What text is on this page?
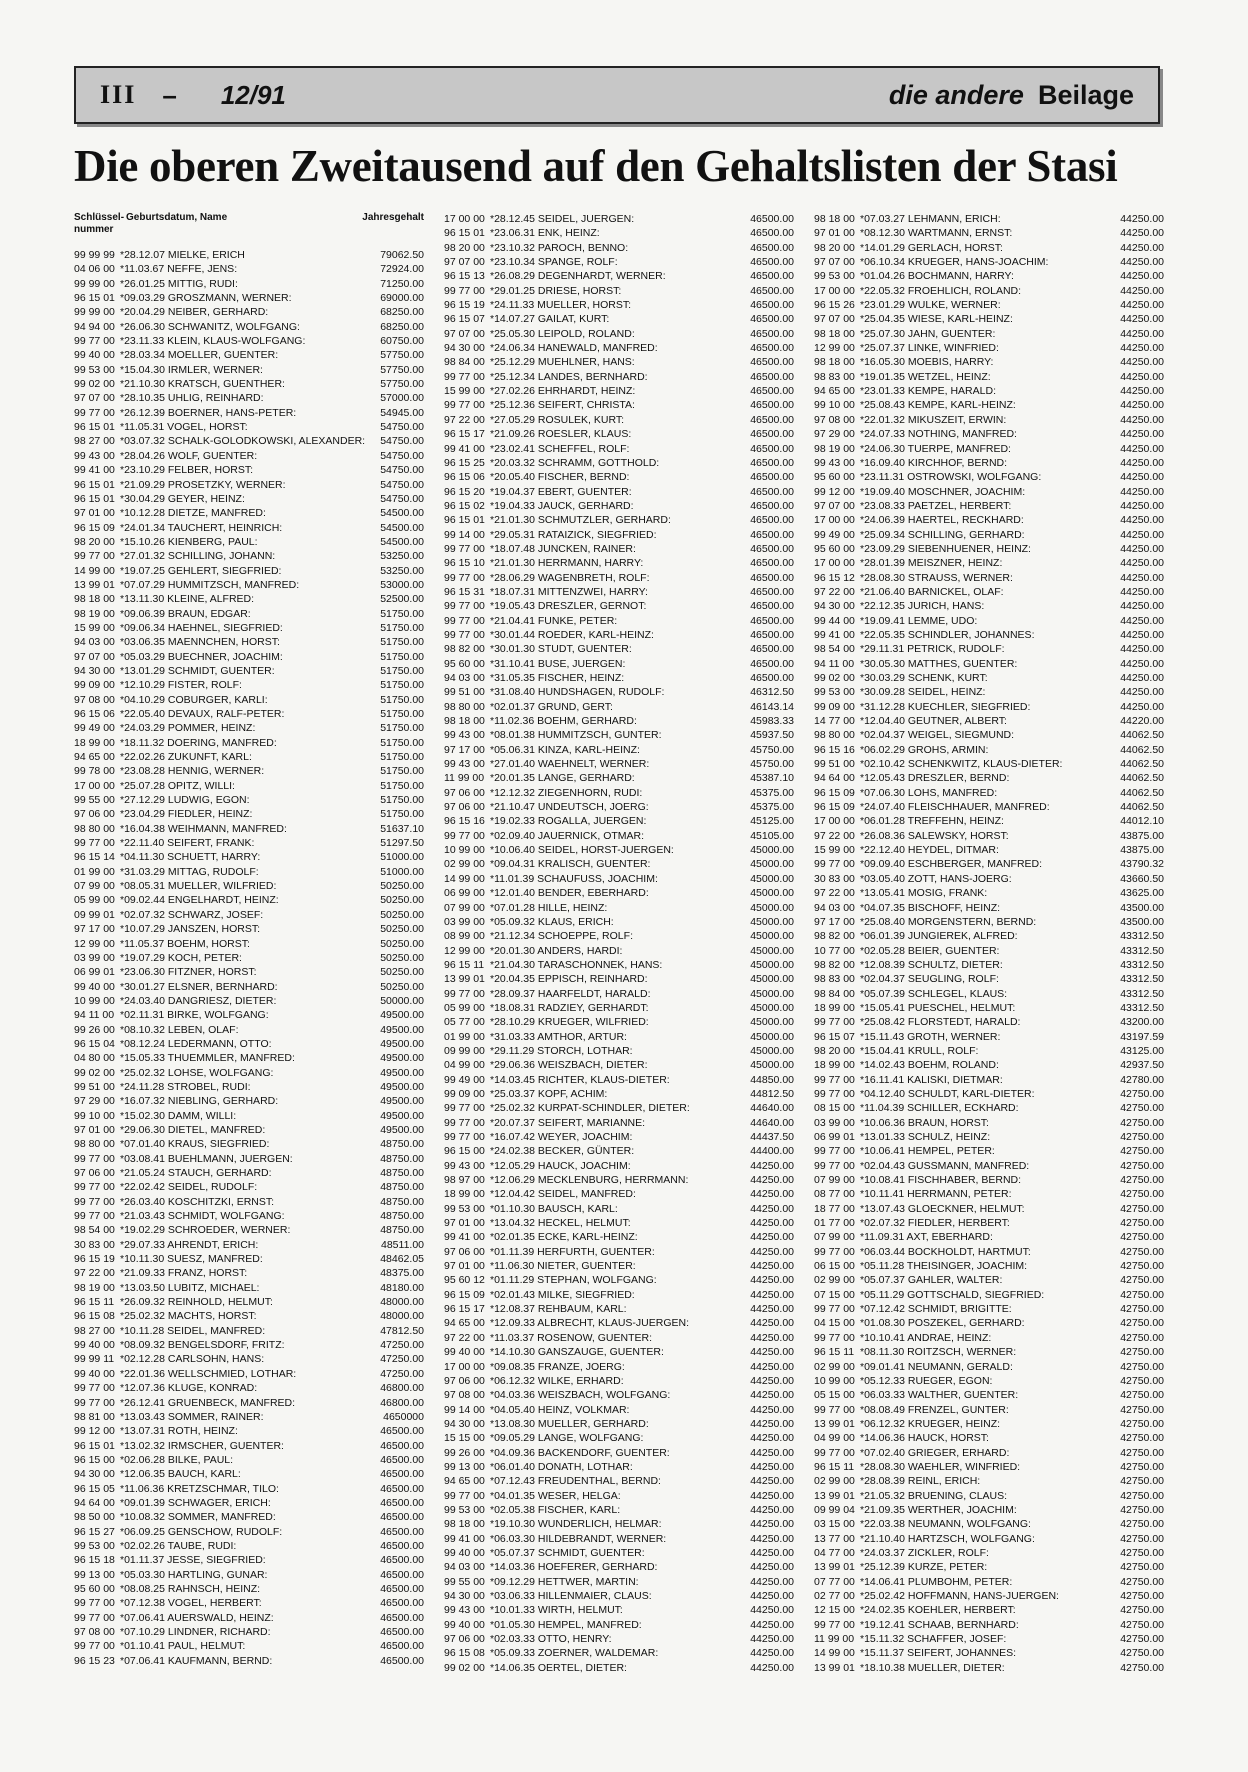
III – 12/91	die andere Beilage
Die oberen Zweitausend auf den Gehaltslisten der Stasi
Schlüssel-
nummer
Geburtsdatum, Name	Jahresgehalt
99 99 99 *28.12.07 MIELKE, ERICH	79062.50
04 06 00 *11.03.67 NEFFE, JENS:	72924.00
99 99 00 *26.01.25 MITTIG, RUDI:	71250.00
96 15 01 *09.03.29 GROSZMANN, WERNER:	69000.00
99 99 00 *20.04.29 NEIBER, GERHARD:	68250.00
94 94 00 *26.06.30 SCHWANITZ, WOLFGANG:	68250.00
99 77 00 *23.11.33 KLEIN, KLAUS-WOLFGANG:	60750.00
99 40 00 *28.03.34 MOELLER, GUENTER:	57750.00
99 53 00 *15.04.30 IRMLER, WERNER:	57750.00
99 02 00 *21.10.30 KRATSCH, GUENTHER:	57750.00
97 07 00 *28.10.35 UHLIG, REINHARD:	57000.00
99 77 00 *26.12.39 BOERNER, HANS-PETER:	54945.00
96 15 01 *11.05.31 VOGEL, HORST:	54750.00
98 27 00 *03.07.32 SCHALK-GOLODKOWSKI, ALEXANDER:	54750.00
99 43 00 *28.04.26 WOLF, GUENTER:	54750.00
99 41 00 *23.10.29 FELBER, HORST:	54750.00
96 15 01 *21.09.29 PROSETZKY, WERNER:	54750.00
96 15 01 *30.04.29 GEYER, HEINZ:	54750.00
97 01 00 *10.12.28 DIETZE, MANFRED:	54500.00
96 15 09 *24.01.34 TAUCHERT, HEINRICH:	54500.00
98 20 00 *15.10.26 KIENBERG, PAUL:	54500.00
99 77 00 *27.01.32 SCHILLING, JOHANN:	53250.00
14 99 00 *19.07.25 GEHLERT, SIEGFRIED:	53250.00
13 99 01 *07.07.29 HUMMITZSCH, MANFRED:	53000.00
98 18 00 *13.11.30 KLEINE, ALFRED:	52500.00
98 19 00 *09.06.39 BRAUN, EDGAR:	51750.00
15 99 00 *09.06.34 HAEHNEL, SIEGFRIED:	51750.00
94 03 00 *03.06.35 MAENNCHEN, HORST:	51750.00
97 07 00 *05.03.29 BUECHNER, JOACHIM:	51750.00
94 30 00 *13.01.29 SCHMIDT, GUENTER:	51750.00
99 09 00 *12.10.29 FISTER, ROLF:	51750.00
97 08 00 *04.10.29 COBURGER, KARLI:	51750.00
96 15 06 *22.05.40 DEVAUX, RALF-PETER:	51750.00
99 49 00 *24.03.29 POMMER, HEINZ:	51750.00
18 99 00 *18.11.32 DOERING, MANFRED:	51750.00
94 65 00 *22.02.26 ZUKUNFT, KARL:	51750.00
99 78 00 *23.08.28 HENNIG, WERNER:	51750.00
17 00 00 *25.07.28 OPITZ, WILLI:	51750.00
99 55 00 *27.12.29 LUDWIG, EGON:	51750.00
97 06 00 *23.04.29 FIEDLER, HEINZ:	51750.00
98 80 00 *16.04.38 WEIHMANN, MANFRED:	51637.10
99 77 00 *22.11.40 SEIFERT, FRANK:	51297.50
96 15 14 *04.11.30 SCHUETT, HARRY:	51000.00
01 99 00 *31.03.29 MITTAG, RUDOLF:	51000.00
07 99 00 *08.05.31 MUELLER, WILFRIED:	50250.00
05 99 00 *09.02.44 ENGELHARDT, HEINZ:	50250.00
09 99 01 *02.07.32 SCHWARZ, JOSEF:	50250.00
97 17 00 *10.07.29 JANSZEN, HORST:	50250.00
12 99 00 *11.05.37 BOEHM, HORST:	50250.00
03 99 00 *19.07.29 KOCH, PETER:	50250.00
06 99 01 *23.06.30 FITZNER, HORST:	50250.00
99 40 00 *30.01.27 ELSNER, BERNHARD:	50250.00
10 99 00 *24.03.40 DANGRIESZ, DIETER:	50000.00
94 11 00 *02.11.31 BIRKE, WOLFGANG:	49500.00
99 26 00 *08.10.32 LEBEN, OLAF:	49500.00
96 15 04 *08.12.24 LEDERMANN, OTTO:	49500.00
04 80 00 *15.05.33 THUEMMLER, MANFRED:	49500.00
99 02 00 *25.02.32 LOHSE, WOLFGANG:	49500.00
99 51 00 *24.11.28 STROBEL, RUDI:	49500.00
97 29 00 *16.07.32 NIEBLING, GERHARD:	49500.00
99 10 00 *15.02.30 DAMM, WILLI:	49500.00
97 01 00 *29.06.30 DIETEL, MANFRED:	49500.00
98 80 00 *07.01.40 KRAUS, SIEGFRIED:	48750.00
99 77 00 *03.08.41 BUEHLMANN, JUERGEN:	48750.00
97 06 00 *21.05.24 STAUCH, GERHARD:	48750.00
99 77 00 *22.02.42 SEIDEL, RUDOLF:	48750.00
99 77 00 *26.03.40 KOSCHITZKI, ERNST:	48750.00
99 77 00 *21.03.43 SCHMIDT, WOLFGANG:	48750.00
98 54 00 *19.02.29 SCHROEDER, WERNER:	48750.00
30 83 00 *29.07.33 AHRENDT, ERICH:	48511.00
96 15 19 *10.11.30 SUESZ, MANFRED:	48462.05
97 22 00 *21.09.33 FRANZ, HORST:	48375.00
98 19 00 *13.03.50 LUBITZ, MICHAEL:	48180.00
96 15 11 *26.09.32 REINHOLD, HELMUT:	48000.00
96 15 08 *25.02.32 MACHTS, HORST:	48000.00
98 27 00 *10.11.28 SEIDEL, MANFRED:	47812.50
99 40 00 *08.09.32 BENGELSDORF, FRITZ:	47250.00
99 99 11 *02.12.28 CARLSOHN, HANS:	47250.00
99 40 00 *22.01.36 WELLSCHMIED, LOTHAR:	47250.00
99 77 00 *12.07.36 KLUGE, KONRAD:	46800.00
99 77 00 *26.12.41 GRUENBECK, MANFRED:	46800.00
98 81 00 *13.03.43 SOMMER, RAINER:	4650000
99 12 00 *13.07.31 ROTH, HEINZ:	46500.00
96 15 01 *13.02.32 IRMSCHER, GUENTER:	46500.00
96 15 00 *02.06.28 BILKE, PAUL:	46500.00
94 30 00 *12.06.35 BAUCH, KARL:	46500.00
96 15 05 *11.06.36 KRETZSCHMAR, TILO:	46500.00
94 64 00 *09.01.39 SCHWAGER, ERICH:	46500.00
98 50 00 *10.08.32 SOMMER, MANFRED:	46500.00
96 15 27 *06.09.25 GENSCHOW, RUDOLF:	46500.00
99 53 00 *02.02.26 TAUBE, RUDI:	46500.00
96 15 18 *01.11.37 JESSE, SIEGFRIED:	46500.00
99 13 00 *05.03.30 HARTLING, GUNAR:	46500.00
95 60 00 *08.08.25 RAHNSCH, HEINZ:	46500.00
99 77 00 *07.12.38 VOGEL, HERBERT:	46500.00
99 77 00 *07.06.41 AUERSWALD, HEINZ:	46500.00
97 08 00 *07.10.29 LINDNER, RICHARD:	46500.00
99 77 00 *01.10.41 PAUL, HELMUT:	46500.00
96 15 23 *07.06.41 KAUFMANN, BERND:	46500.00
17 00 00 *28.12.45 SEIDEL, JUERGEN:	46500.00
96 15 01 *23.06.31 ENK, HEINZ:	46500.00
98 20 00 *23.10.32 PAROCH, BENNO:	46500.00
97 07 00 *23.10.34 SPANGE, ROLF:	46500.00
96 15 13 *26.08.29 DEGENHARDT, WERNER:	46500.00
99 77 00 *29.01.25 DRIESE, HORST:	46500.00
96 15 19 *24.11.33 MUELLER, HORST:	46500.00
96 15 07 *14.07.27 GAILAT, KURT:	46500.00
97 07 00 *25.05.30 LEIPOLD, ROLAND:	46500.00
94 30 00 *24.06.34 HANEWALD, MANFRED:	46500.00
98 84 00 *25.12.29 MUEHLNER, HANS:	46500.00
99 77 00 *25.12.34 LANDES, BERNHARD:	46500.00
15 99 00 *27.02.26 EHRHARDT, HEINZ:	46500.00
99 77 00 *25.12.36 SEIFERT, CHRISTA:	46500.00
97 22 00 *27.05.29 ROSULEK, KURT:	46500.00
96 15 17 *21.09.26 ROESLER, KLAUS:	46500.00
99 41 00 *23.02.41 SCHEFFEL, ROLF:	46500.00
96 15 25 *20.03.32 SCHRAMM, GOTTHOLD:	46500.00
96 15 06 *20.05.40 FISCHER, BERND:	46500.00
96 15 20 *19.04.37 EBERT, GUENTER:	46500.00
96 15 02 *19.04.33 JAUCK, GERHARD:	46500.00
96 15 01 *21.01.30 SCHMUTZLER, GERHARD:	46500.00
99 14 00 *29.05.31 RATAIZICK, SIEGFRIED:	46500.00
99 77 00 *18.07.48 JUNCKEN, RAINER:	46500.00
96 15 10 *21.01.30 HERRMANN, HARRY:	46500.00
99 77 00 *28.06.29 WAGENBRETH, ROLF:	46500.00
96 15 31 *18.07.31 MITTENZWEI, HARRY:	46500.00
99 77 00 *19.05.43 DRESZLER, GERNOT:	46500.00
99 77 00 *21.04.41 FUNKE, PETER:	46500.00
99 77 00 *30.01.44 ROEDER, KARL-HEINZ:	46500.00
98 82 00 *30.01.30 STUDT, GUENTER:	46500.00
95 60 00 *31.10.41 BUSE, JUERGEN:	46500.00
94 03 00 *31.05.35 FISCHER, HEINZ:	46500.00
99 51 00 *31.08.40 HUNDSHAGEN, RUDOLF:	46312.50
98 80 00 *02.01.37 GRUND, GERT:	46143.14
98 18 00 *11.02.36 BOEHM, GERHARD:	45983.33
99 43 00 *08.01.38 HUMMITZSCH, GUNTER:	45937.50
97 17 00 *05.06.31 KINZA, KARL-HEINZ:	45750.00
99 43 00 *27.01.40 WAEHNELT, WERNER:	45750.00
11 99 00 *20.01.35 LANGE, GERHARD:	45387.10
97 06 00 *12.12.32 ZIEGENHORN, RUDI:	45375.00
97 06 00 *21.10.47 UNDEUTSCH, JOERG:	45375.00
96 15 16 *19.02.33 ROGALLA, JUERGEN:	45125.00
99 77 00 *02.09.40 JAUERNICK, OTMAR:	45105.00
10 99 00 *10.06.40 SEIDEL, HORST-JUERGEN:	45000.00
02 99 00 *09.04.31 KRALISCH, GUENTER:	45000.00
14 99 00 *11.01.39 SCHAUFUSS, JOACHIM:	45000.00
06 99 00 *12.01.40 BENDER, EBERHARD:	45000.00
07 99 00 *07.01.28 HILLE, HEINZ:	45000.00
03 99 00 *05.09.32 KLAUS, ERICH:	45000.00
08 99 00 *21.12.34 SCHOEPPE, ROLF:	45000.00
12 99 00 *20.01.30 ANDERS, HARDI:	45000.00
96 15 11 *21.04.30 TARASCHONNEK, HANS:	45000.00
13 99 01 *20.04.35 EPPISCH, REINHARD:	45000.00
99 77 00 *28.09.37 HAARFELDT, HARALD:	45000.00
05 99 00 *18.08.31 RADZIEY, GERHARDT:	45000.00
05 77 00 *28.10.29 KRUEGER, WILFRIED:	45000.00
01 99 00 *31.03.33 AMTHOR, ARTUR:	45000.00
09 99 00 *29.11.29 STORCH, LOTHAR:	45000.00
04 99 00 *29.06.36 WEISZBACH, DIETER:	45000.00
99 49 00 *14.03.45 RICHTER, KLAUS-DIETER:	44850.00
99 09 00 *25.03.37 KOPF, ACHIM:	44812.50
99 77 00 *25.02.32 KURPAT-SCHINDLER, DIETER:	44640.00
99 77 00 *20.07.37 SEIFERT, MARIANNE:	44640.00
99 77 00 *16.07.42 WEYER, JOACHIM:	44437.50
96 15 00 *24.02.38 BECKER, GÜNTER:	44400.00
99 43 00 *12.05.29 HAUCK, JOACHIM:	44250.00
98 97 00 *12.06.29 MECKLENBURG, HERRMANN:	44250.00
18 99 00 *12.04.42 SEIDEL, MANFRED:	44250.00
99 53 00 *01.10.30 BAUSCH, KARL:	44250.00
97 01 00 *13.04.32 HECKEL, HELMUT:	44250.00
99 41 00 *02.01.35 ECKE, KARL-HEINZ:	44250.00
97 06 00 *01.11.39 HERFURTH, GUENTER:	44250.00
97 01 00 *11.06.30 NIETER, GUENTER:	44250.00
95 60 12 *01.11.29 STEPHAN, WOLFGANG:	44250.00
96 15 09 *02.01.43 MILKE, SIEGFRIED:	44250.00
96 15 17 *12.08.37 REHBAUM, KARL:	44250.00
94 65 00 *12.09.33 ALBRECHT, KLAUS-JUERGEN:	44250.00
97 22 00 *11.03.37 ROSENOW, GUENTER:	44250.00
99 40 00 *14.10.30 GANSZAUGE, GUENTER:	44250.00
17 00 00 *09.08.35 FRANZE, JOERG:	44250.00
97 06 00 *06.12.32 WILKE, ERHARD:	44250.00
97 08 00 *04.03.36 WEISZBACH, WOLFGANG:	44250.00
99 14 00 *04.05.40 HEINZ, VOLKMAR:	44250.00
94 30 00 *13.08.30 MUELLER, GERHARD:	44250.00
15 15 00 *09.05.29 LANGE, WOLFGANG:	44250.00
99 26 00 *04.09.36 BACKENDORF, GUENTER:	44250.00
99 13 00 *06.01.40 DONATH, LOTHAR:	44250.00
94 65 00 *07.12.43 FREUDENTHAL, BERND:	44250.00
99 77 00 *04.01.35 WESER, HELGA:	44250.00
99 53 00 *02.05.38 FISCHER, KARL:	44250.00
98 18 00 *19.10.30 WUNDERLICH, HELMAR:	44250.00
99 41 00 *06.03.30 HILDEBRANDT, WERNER:	44250.00
99 40 00 *05.07.37 SCHMIDT, GUENTER:	44250.00
94 03 00 *14.03.36 HOEFERER, GERHARD:	44250.00
99 55 00 *09.12.29 HETTWER, MARTIN:	44250.00
94 30 00 *03.06.33 HILLENMAIER, CLAUS:	44250.00
99 43 00 *10.01.33 WIRTH, HELMUT:	44250.00
99 40 00 *01.05.30 HEMPEL, MANFRED:	44250.00
97 06 00 *02.03.33 OTTO, HENRY:	44250.00
96 15 08 *05.09.33 ZOERNER, WALDEMAR:	44250.00
99 02 00 *14.06.35 OERTEL, DIETER:	44250.00
98 18 00 *07.03.27 LEHMANN, ERICH:	44250.00
97 01 00 *08.12.30 WARTMANN, ERNST:	44250.00
98 20 00 *14.01.29 GERLACH, HORST:	44250.00
97 07 00 *06.10.34 KRUEGER, HANS-JOACHIM:	44250.00
99 53 00 *01.04.26 BOCHMANN, HARRY:	44250.00
17 00 00 *22.05.32 FROEHLICH, ROLAND:	44250.00
96 15 26 *23.01.29 WULKE, WERNER:	44250.00
97 07 00 *25.04.35 WIESE, KARL-HEINZ:	44250.00
98 18 00 *25.07.30 JAHN, GUENTER:	44250.00
12 99 00 *25.07.37 LINKE, WINFRIED:	44250.00
98 18 00 *16.05.30 MOEBIS, HARRY:	44250.00
98 83 00 *19.01.35 WETZEL, HEINZ:	44250.00
94 65 00 *23.01.33 KEMPE, HARALD:	44250.00
99 10 00 *25.08.43 KEMPE, KARL-HEINZ:	44250.00
97 08 00 *22.01.32 MIKUSZEIT, ERWIN:	44250.00
97 29 00 *24.07.33 NOTHING, MANFRED:	44250.00
98 19 00 *24.06.30 TUERPE, MANFRED:	44250.00
99 43 00 *16.09.40 KIRCHHOF, BERND:	44250.00
95 60 00 *23.11.31 OSTROWSKI, WOLFGANG:	44250.00
99 12 00 *19.09.40 MOSCHNER, JOACHIM:	44250.00
97 07 00 *23.08.33 PAETZEL, HERBERT:	44250.00
17 00 00 *24.06.39 HAERTEL, RECKHARD:	44250.00
99 49 00 *25.09.34 SCHILLING, GERHARD:	44250.00
95 60 00 *23.09.29 SIEBENHUENER, HEINZ:	44250.00
17 00 00 *28.01.39 MEISZNER, HEINZ:	44250.00
96 15 12 *28.08.30 STRAUSS, WERNER:	44250.00
97 22 00 *21.06.40 BARNICKEL, OLAF:	44250.00
94 30 00 *22.12.35 JURICH, HANS:	44250.00
99 44 00 *19.09.41 LEMME, UDO:	44250.00
99 41 00 *22.05.35 SCHINDLER, JOHANNES:	44250.00
98 54 00 *29.11.31 PETRICK, RUDOLF:	44250.00
94 11 00 *30.05.30 MATTHES, GUENTER:	44250.00
99 02 00 *30.03.29 SCHENK, KURT:	44250.00
99 53 00 *30.09.28 SEIDEL, HEINZ:	44250.00
99 09 00 *31.12.28 KUECHLER, SIEGFRIED:	44250.00
14 77 00 *12.04.40 GEUTNER, ALBERT:	44220.00
98 80 00 *02.04.37 WEIGEL, SIEGMUND:	44062.50
96 15 16 *06.02.29 GROHS, ARMIN:	44062.50
99 51 00 *02.10.42 SCHENKWITZ, KLAUS-DIETER:	44062.50
94 64 00 *12.05.43 DRESZLER, BERND:	44062.50
96 15 09 *07.06.30 LOHS, MANFRED:	44062.50
96 15 09 *24.07.40 FLEISCHHAUER, MANFRED:	44062.50
17 00 00 *06.01.28 TREFFEHN, HEINZ:	44012.10
97 22 00 *26.08.36 SALEWSKY, HORST:	43875.00
15 99 00 *22.12.40 HEYDEL, DITMAR:	43875.00
99 77 00 *09.09.40 ESCHBERGER, MANFRED:	43790.32
30 83 00 *03.05.40 ZOTT, HANS-JOERG:	43660.50
97 22 00 *13.05.41 MOSIG, FRANK:	43625.00
94 03 00 *04.07.35 BISCHOFF, HEINZ:	43500.00
97 17 00 *25.08.40 MORGENSTERN, BERND:	43500.00
98 82 00 *06.01.39 JUNGIEREK, ALFRED:	43312.50
10 77 00 *02.05.28 BEIER, GUENTER:	43312.50
98 82 00 *12.08.39 SCHULTZ, DIETER:	43312.50
98 83 00 *02.04.37 SEUGLING, ROLF:	43312.50
98 84 00 *05.07.39 SCHLEGEL, KLAUS:	43312.50
18 99 00 *15.05.41 PUESCHEL, HELMUT:	43312.50
99 77 00 *25.08.42 FLORSTEDT, HARALD:	43200.00
96 15 07 *15.11.43 GROTH, WERNER:	43197.59
98 20 00 *15.04.41 KRULL, ROLF:	43125.00
18 99 00 *14.02.43 BOEHM, ROLAND:	42937.50
99 77 00 *16.11.41 KALISKI, DIETMAR:	42780.00
99 77 00 *04.12.40 SCHULDT, KARL-DIETER:	42750.00
08 15 00 *11.04.39 SCHILLER, ECKHARD:	42750.00
03 99 00 *10.06.36 BRAUN, HORST:	42750.00
06 99 01 *13.01.33 SCHULZ, HEINZ:	42750.00
99 77 00 *10.06.41 HEMPEL, PETER:	42750.00
99 77 00 *02.04.43 GUSSMANN, MANFRED:	42750.00
07 99 00 *10.08.41 FISCHHABER, BERND:	42750.00
08 77 00 *10.11.41 HERRMANN, PETER:	42750.00
18 77 00 *13.07.43 GLOECKNER, HELMUT:	42750.00
01 77 00 *02.07.32 FIEDLER, HERBERT:	42750.00
07 99 00 *11.09.31 AXT, EBERHARD:	42750.00
99 77 00 *06.03.44 BOCKHOLDT, HARTMUT:	42750.00
06 15 00 *05.11.28 THEISINGER, JOACHIM:	42750.00
02 99 00 *05.07.37 GAHLER, WALTER:	42750.00
07 15 00 *05.11.29 GOTTSCHALD, SIEGFRIED:	42750.00
99 77 00 *07.12.42 SCHMIDT, BRIGITTE:	42750.00
04 15 00 *01.08.30 POSZEKEL, GERHARD:	42750.00
99 77 00 *10.10.41 ANDRAE, HEINZ:	42750.00
96 15 11 *08.11.30 ROITZSCH, WERNER:	42750.00
02 99 00 *09.01.41 NEUMANN, GERALD:	42750.00
10 99 00 *05.12.33 RUEGER, EGON:	42750.00
05 15 00 *06.03.33 WALTHER, GUENTER:	42750.00
99 77 00 *08.08.49 FRENZEL, GUNTER:	42750.00
13 99 01 *06.12.32 KRUEGER, HEINZ:	42750.00
04 99 00 *14.06.36 HAUCK, HORST:	42750.00
99 77 00 *07.02.40 GRIEGER, ERHARD:	42750.00
96 15 11 *28.08.30 WAEHLER, WINFRIED:	42750.00
02 99 00 *28.08.39 REINL, ERICH:	42750.00
13 99 01 *21.05.32 BRUENING, CLAUS:	42750.00
09 99 04 *21.09.35 WERTHER, JOACHIM:	42750.00
03 15 00 *22.03.38 NEUMANN, WOLFGANG:	42750.00
13 77 00 *21.10.40 HARTZSCH, WOLFGANG:	42750.00
04 77 00 *24.03.37 ZICKLER, ROLF:	42750.00
13 99 01 *25.12.39 KURZE, PETER:	42750.00
07 77 00 *14.06.41 PLUMBOHM, PETER:	42750.00
02 77 00 *25.02.42 HOFFMANN, HANS-JUERGEN:	42750.00
12 15 00 *24.02.35 KOEHLER, HERBERT:	42750.00
99 77 00 *19.12.41 SCHAAB, BERNHARD:	42750.00
11 99 00 *15.11.32 SCHAFFER, JOSEF:	42750.00
14 99 00 *15.11.37 SEIFERT, JOHANNES:	42750.00
13 99 01 *18.10.38 MUELLER, DIETER:	42750.00
